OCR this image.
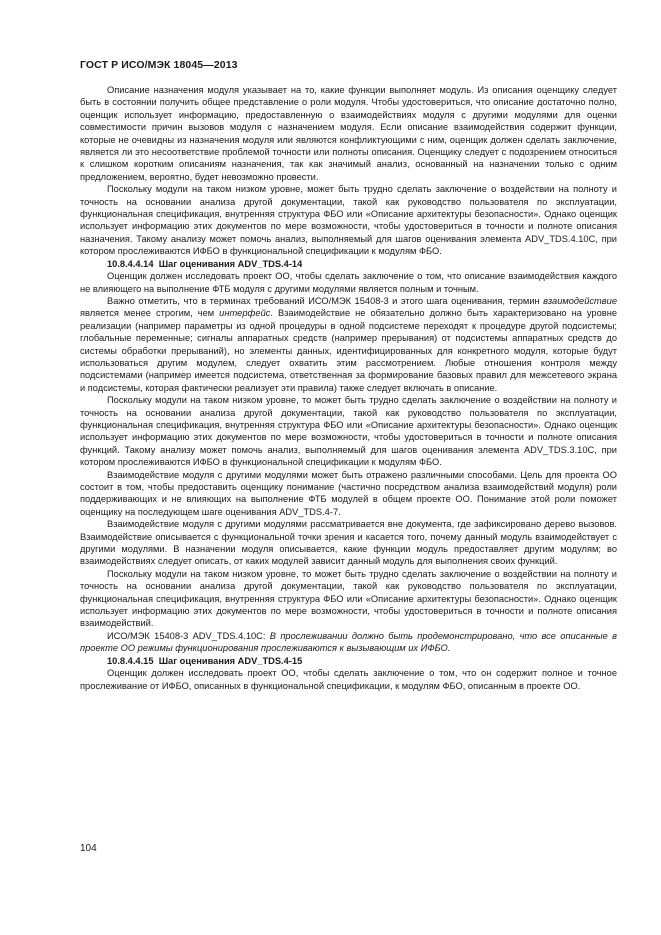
ГОСТ Р ИСО/МЭК 18045—2013

Описание назначения модуля указывает на то, какие функции выполняет модуль. Из описания оценщику следует быть в состоянии получить общее представление о роли модуля. Чтобы удостовериться, что описание достаточно полно, оценщик использует информацию, предоставленную о взаимодействиях модуля с другими модулями для оценки совместимости причин вызовов модуля с назначением модуля. Если описание взаимодействия содержит функции, которые не очевидны из назначения модуля или являются конфликтующими с ним, оценщик должен сделать заключение, является ли это несоответствие проблемой точности или полноты описания. Оценщику следует с подозрением относиться к слишком коротким описаниям назначения, так как значимый анализ, основанный на назначении только с одним предложением, вероятно, будет невозможно провести.

Поскольку модули на таком низком уровне, может быть трудно сделать заключение о воздействии на полноту и точность на основании анализа другой документации, такой как руководство пользователя по эксплуатации, функциональная спецификация, внутренняя структура ФБО или «Описание архитектуры безопасности». Однако оценщик использует информацию этих документов по мере возможности, чтобы удостовериться в точности и полноте описания назначения. Такому анализу может помочь анализ, выполняемый для шагов оценивания элемента ADV_TDS.4.10C, при котором прослеживаются ИФБО в функциональной спецификации к модулям ФБО.

10.8.4.4.14 Шаг оценивания ADV_TDS.4-14

Оценщик должен исследовать проект ОО, чтобы сделать заключение о том, что описание взаимодействия каждого не влияющего на выполнение ФТБ модуля с другими модулями является полным и точным.

Важно отметить, что в терминах требований ИСО/МЭК 15408-3 и этого шага оценивания, термин взаимодействие является менее строгим, чем интерфейс. Взаимодействие не обязательно должно быть характеризовано на уровне реализации (например параметры из одной процедуры в одной подсистеме переходят к процедуре другой подсистемы; глобальные переменные; сигналы аппаратных средств (например прерывания) от подсистемы аппаратных средств до системы обработки прерываний), но элементы данных, идентифицированных для конкретного модуля, которые будут использоваться другим модулем, следует охватить этим рассмотрением. Любые отношения контроля между подсистемами (например имеется подсистема, ответственная за формирование базовых правил для межсетевого экрана и подсистемы, которая фактически реализует эти правила) также следует включать в описание.

Поскольку модули на таком низком уровне, то может быть трудно сделать заключение о воздействии на полноту и точность на основании анализа другой документации, такой как руководство пользователя по эксплуатации, функциональная спецификация, внутренняя структура ФБО или «Описание архитектуры безопасности». Однако оценщик использует информацию этих документов по мере возможности, чтобы удостовериться в точности и полноте описания функций. Такому анализу может помочь анализ, выполняемый для шагов оценивания элемента ADV_TDS.3.10C, при котором прослеживаются ИФБО в функциональной спецификации к модулям ФБО.

Взаимодействие модуля с другими модулями может быть отражено различными способами. Цель для проекта ОО состоит в том, чтобы предоставить оценщику понимание (частично посредством анализа взаимодействий модуля) роли поддерживающих и не влияющих на выполнение ФТБ модулей в общем проекте ОО. Понимание этой роли поможет оценщику на последующем шаге оценивания ADV_TDS.4-7.

Взаимодействие модуля с другими модулями рассматривается вне документа, где зафиксировано дерево вызовов. Взаимодействие описывается с функциональной точки зрения и касается того, почему данный модуль взаимодействует с другими модулями. В назначении модуля описывается, какие функции модуль предоставляет другим модулям; во взаимодействиях следует описать, от каких модулей зависит данный модуль для выполнения своих функций.

Поскольку модули на таком низком уровне, то может быть трудно сделать заключение о воздействии на полноту и точность на основании анализа другой документации, такой как руководство пользователя по эксплуатации, функциональная спецификация, внутренняя структура ФБО или «Описание архитектуры безопасности». Однако оценщик использует информацию этих документов по мере возможности, чтобы удостовериться в точности и полноте описания взаимодействий.

ИСО/МЭК 15408-3 ADV_TDS.4.10C: В прослеживании должно быть продемонстрировано, что все описанные в проекте ОО режимы функционирования прослеживаются к вызывающим их ИФБО.

10.8.4.4.15 Шаг оценивания ADV_TDS.4-15

Оценщик должен исследовать проект ОО, чтобы сделать заключение о том, что он содержит полное и точное прослеживание от ИФБО, описанных в функциональной спецификации, к модулям ФБО, описанным в проекте ОО.

104
